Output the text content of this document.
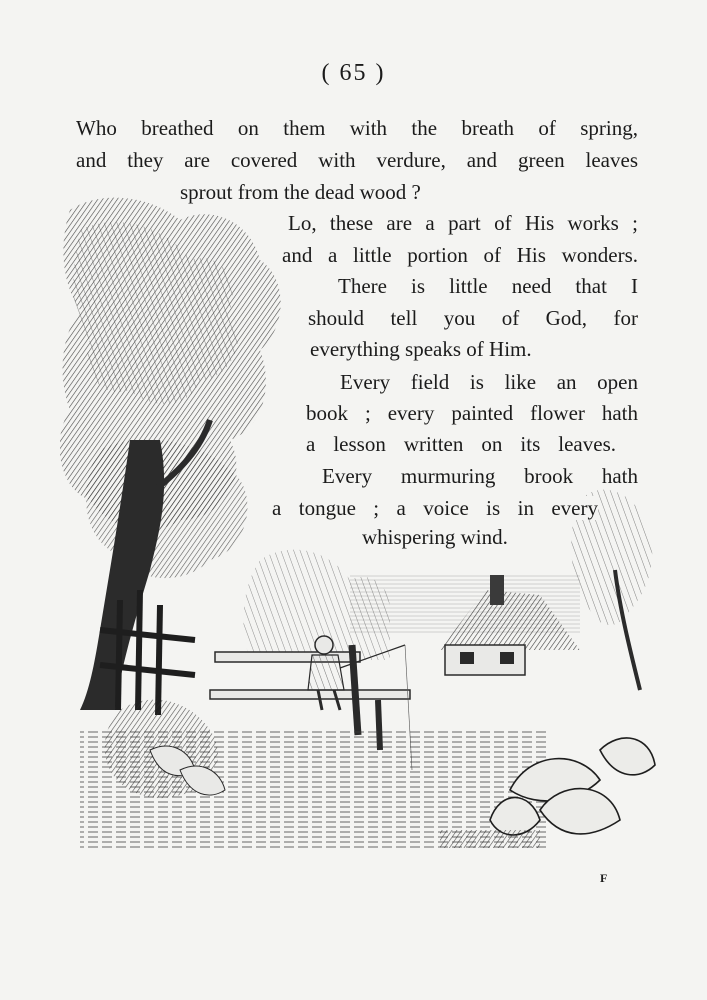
( 65 )
Who breathed on them with the breath of spring,
and they are covered with verdure, and green leaves
sprout from the dead wood ?
Lo, these are a part of His works ;
and a little portion of His wonders.
There is little need that I
should tell you of God, for
everything speaks of Him.
Every field is like an open
book ; every painted flower hath
a lesson written on its leaves.
Every murmuring brook hath
a tongue ; a voice is in every
whispering wind.
F
